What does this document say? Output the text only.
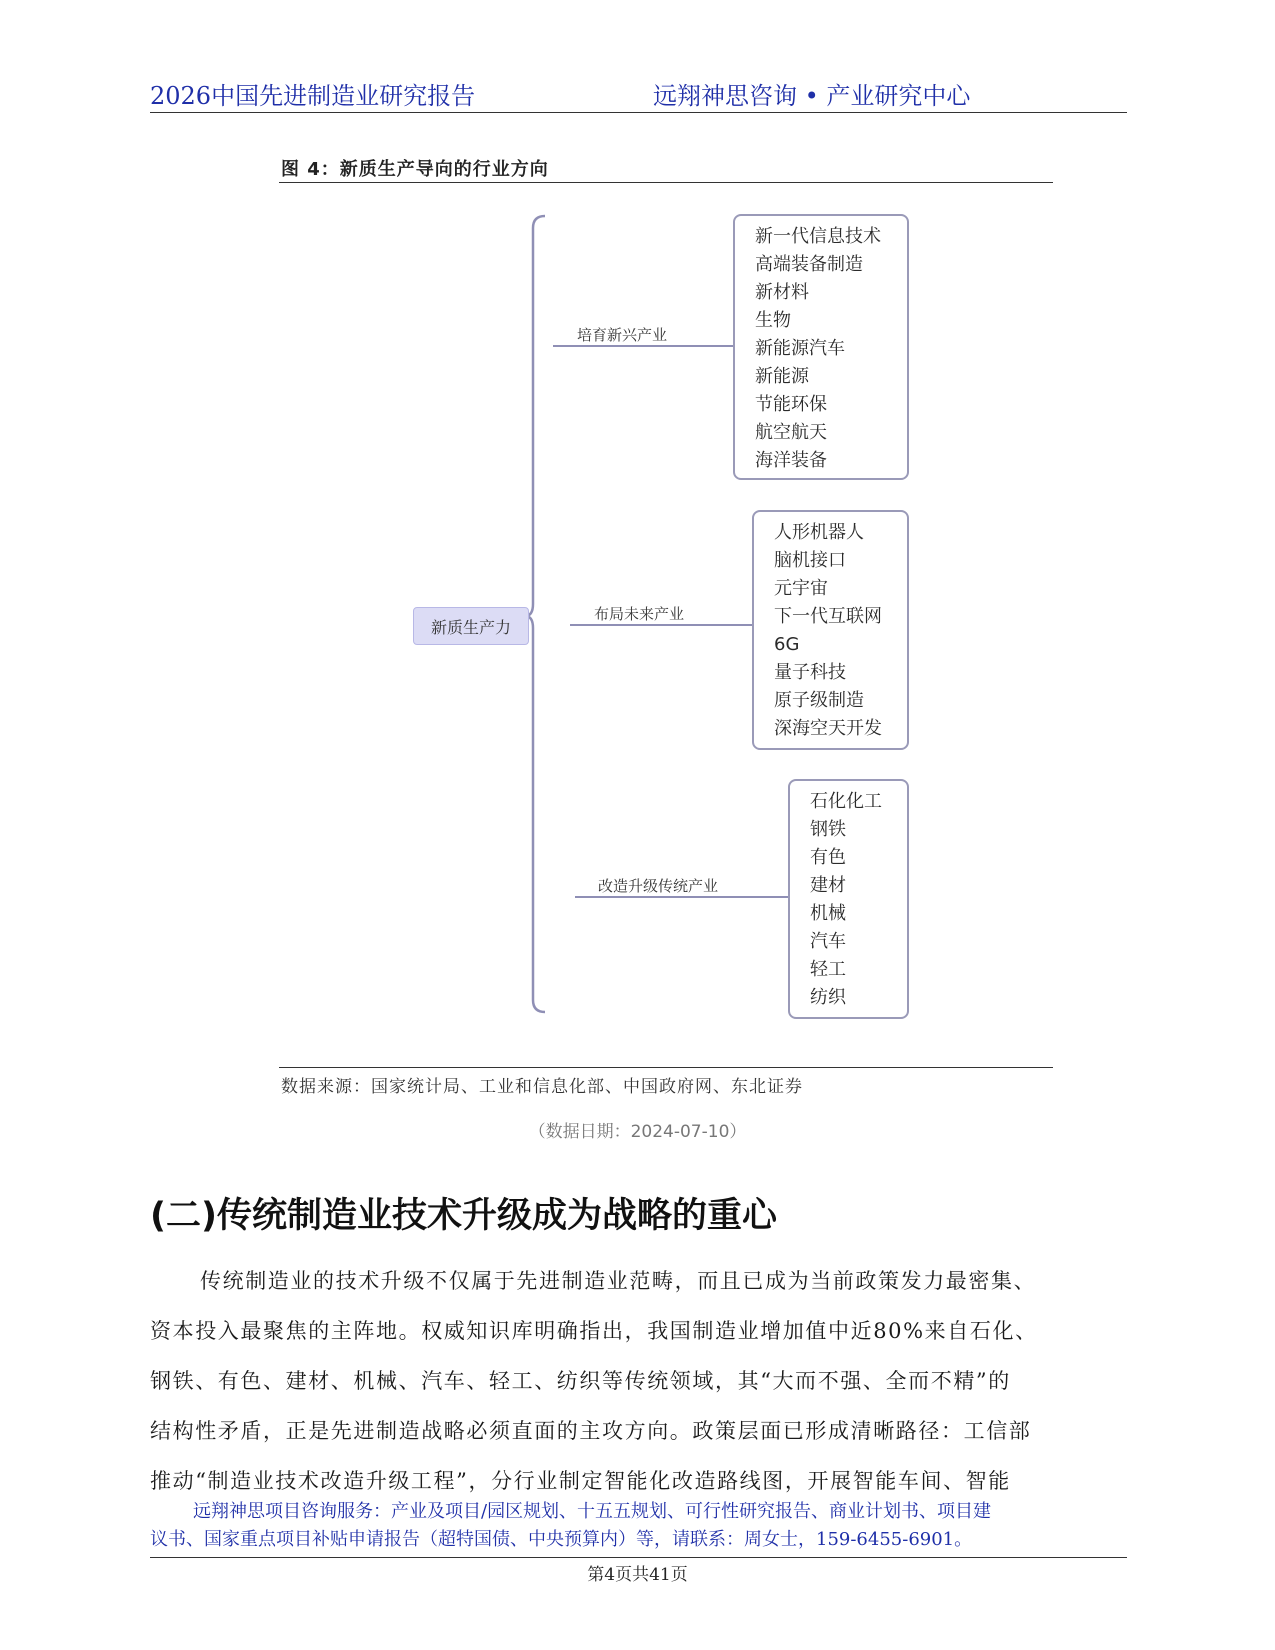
2026中国先进制造业研究报告	远翔神思咨询 • 产业研究中心
图 4：新质生产导向的行业方向
新质生产力
培育新兴产业
布局未来产业
改造升级传统产业
新一代信息技术
高端装备制造
新材料
生物
新能源汽车
新能源
节能环保
航空航天
海洋装备
人形机器人
脑机接口
元宇宙
下一代互联网
6G
量子科技
原子级制造
深海空天开发
石化化工
钢铁
有色
建材
机械
汽车
轻工
纺织
数据来源：国家统计局、工业和信息化部、中国政府网、东北证券
（数据日期：2024-07-10）
(二)传统制造业技术升级成为战略的重心
传统制造业的技术升级不仅属于先进制造业范畴，而且已成为当前政策发力最密集、
资本投入最聚焦的主阵地。权威知识库明确指出，我国制造业增加值中近80%来自石化、
钢铁、有色、建材、机械、汽车、轻工、纺织等传统领域，其“大而不强、全而不精”的
结构性矛盾，正是先进制造战略必须直面的主攻方向。政策层面已形成清晰路径：工信部
推动“制造业技术改造升级工程”，分行业制定智能化改造路线图，开展智能车间、智能
远翔神思项目咨询服务：产业及项目/园区规划、十五五规划、可行性研究报告、商业计划书、项目建
议书、国家重点项目补贴申请报告（超特国债、中央预算内）等，请联系：周女士，159-6455-6901。
第4页共41页
